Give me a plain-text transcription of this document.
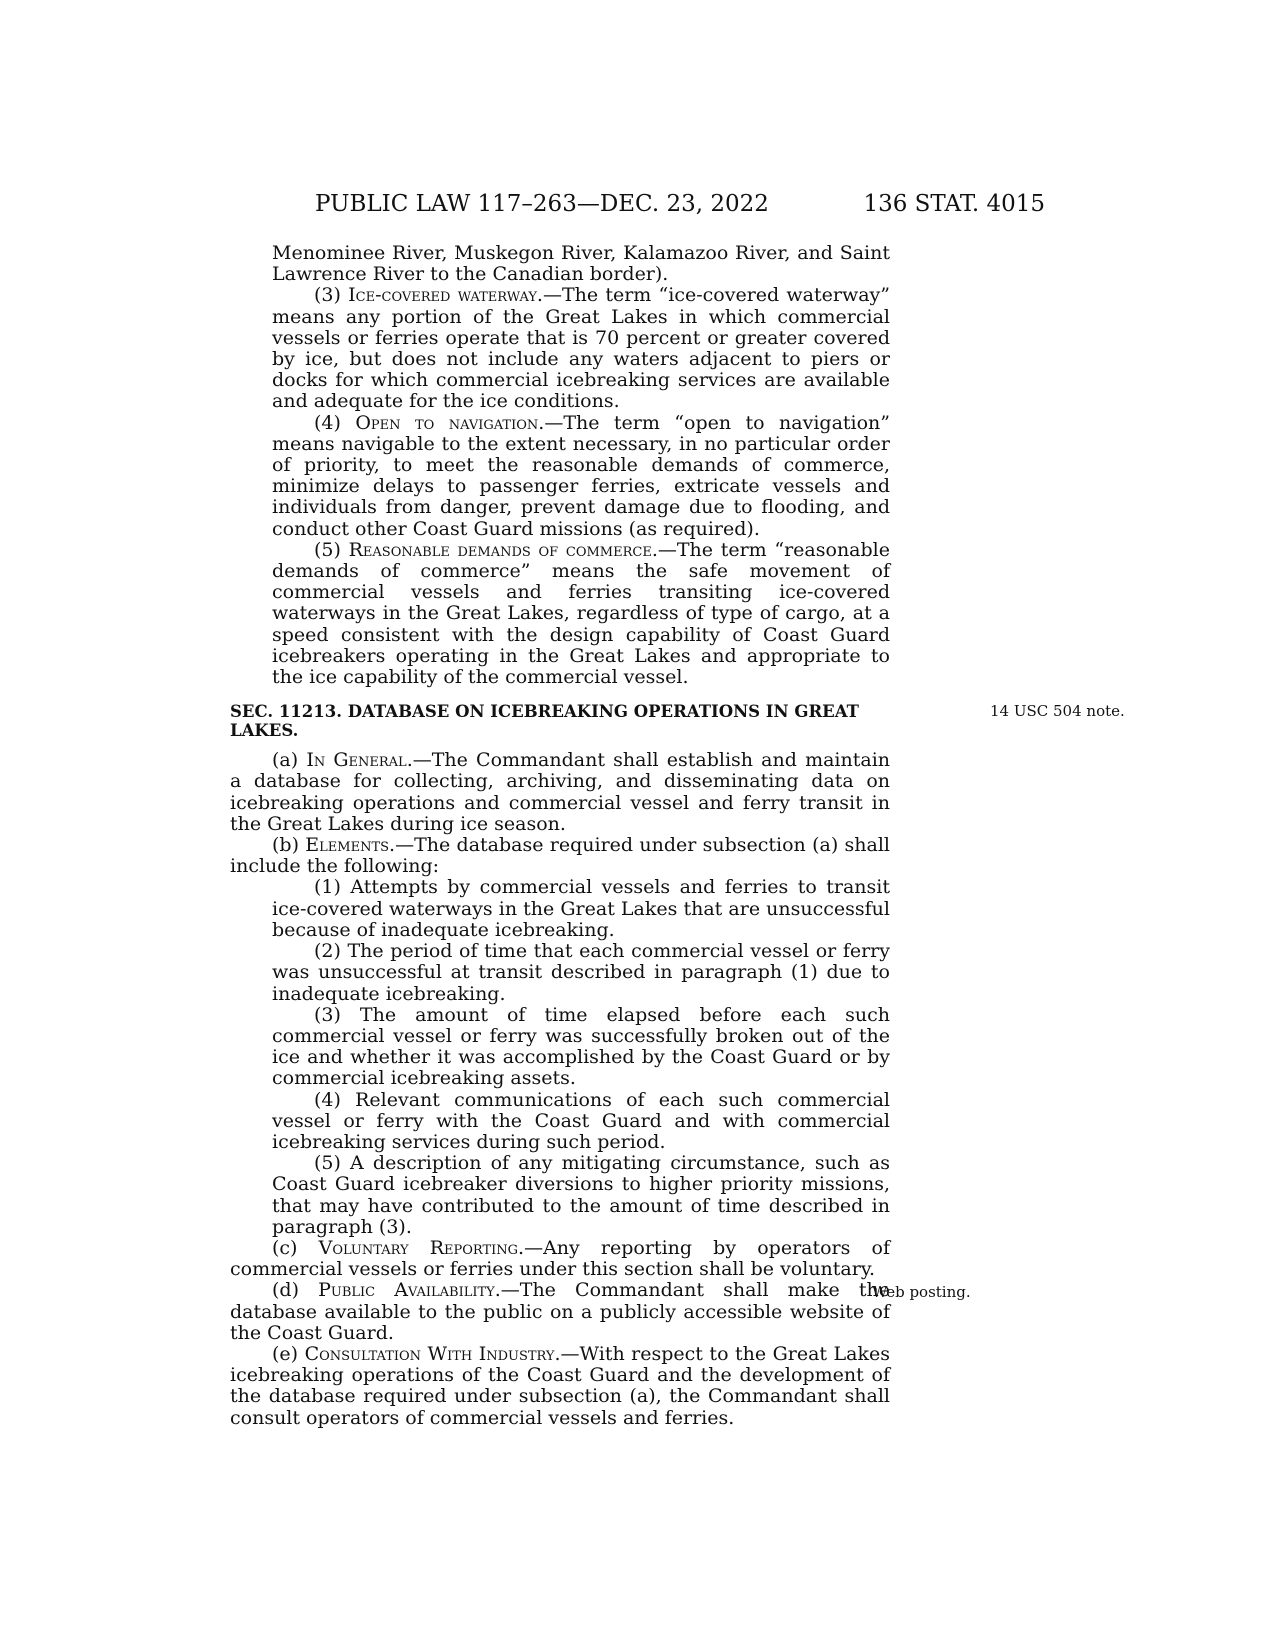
PUBLIC LAW 117–263—DEC. 23, 2022	136 STAT. 4015

Menominee River, Muskegon River, Kalamazoo River, and Saint Lawrence River to the Canadian border).

(3) Ice-covered waterway.—The term “ice-covered waterway” means any portion of the Great Lakes in which commercial vessels or ferries operate that is 70 percent or greater covered by ice, but does not include any waters adjacent to piers or docks for which commercial icebreaking services are available and adequate for the ice conditions.

(4) Open to navigation.—The term “open to navigation” means navigable to the extent necessary, in no particular order of priority, to meet the reasonable demands of commerce, minimize delays to passenger ferries, extricate vessels and individuals from danger, prevent damage due to flooding, and conduct other Coast Guard missions (as required).

(5) Reasonable demands of commerce.—The term “reasonable demands of commerce” means the safe movement of commercial vessels and ferries transiting ice-covered waterways in the Great Lakes, regardless of type of cargo, at a speed consistent with the design capability of Coast Guard icebreakers operating in the Great Lakes and appropriate to the ice capability of the commercial vessel.

SEC. 11213. DATABASE ON ICEBREAKING OPERATIONS IN GREAT
LAKES.
14 USC 504 note.

(a) In General.—The Commandant shall establish and maintain a database for collecting, archiving, and disseminating data on icebreaking operations and commercial vessel and ferry transit in the Great Lakes during ice season.

(b) Elements.—The database required under subsection (a) shall include the following:

(1) Attempts by commercial vessels and ferries to transit ice-covered waterways in the Great Lakes that are unsuccessful because of inadequate icebreaking.

(2) The period of time that each commercial vessel or ferry was unsuccessful at transit described in paragraph (1) due to inadequate icebreaking.

(3) The amount of time elapsed before each such commercial vessel or ferry was successfully broken out of the ice and whether it was accomplished by the Coast Guard or by commercial icebreaking assets.

(4) Relevant communications of each such commercial vessel or ferry with the Coast Guard and with commercial icebreaking services during such period.

(5) A description of any mitigating circumstance, such as Coast Guard icebreaker diversions to higher priority missions, that may have contributed to the amount of time described in paragraph (3).

(c) Voluntary Reporting.—Any reporting by operators of commercial vessels or ferries under this section shall be voluntary.

(d) Public Availability.—The Commandant shall make the database available to the public on a publicly accessible website of the Coast Guard.
Web posting.

(e) Consultation With Industry.—With respect to the Great Lakes icebreaking operations of the Coast Guard and the development of the database required under subsection (a), the Commandant shall consult operators of commercial vessels and ferries.
